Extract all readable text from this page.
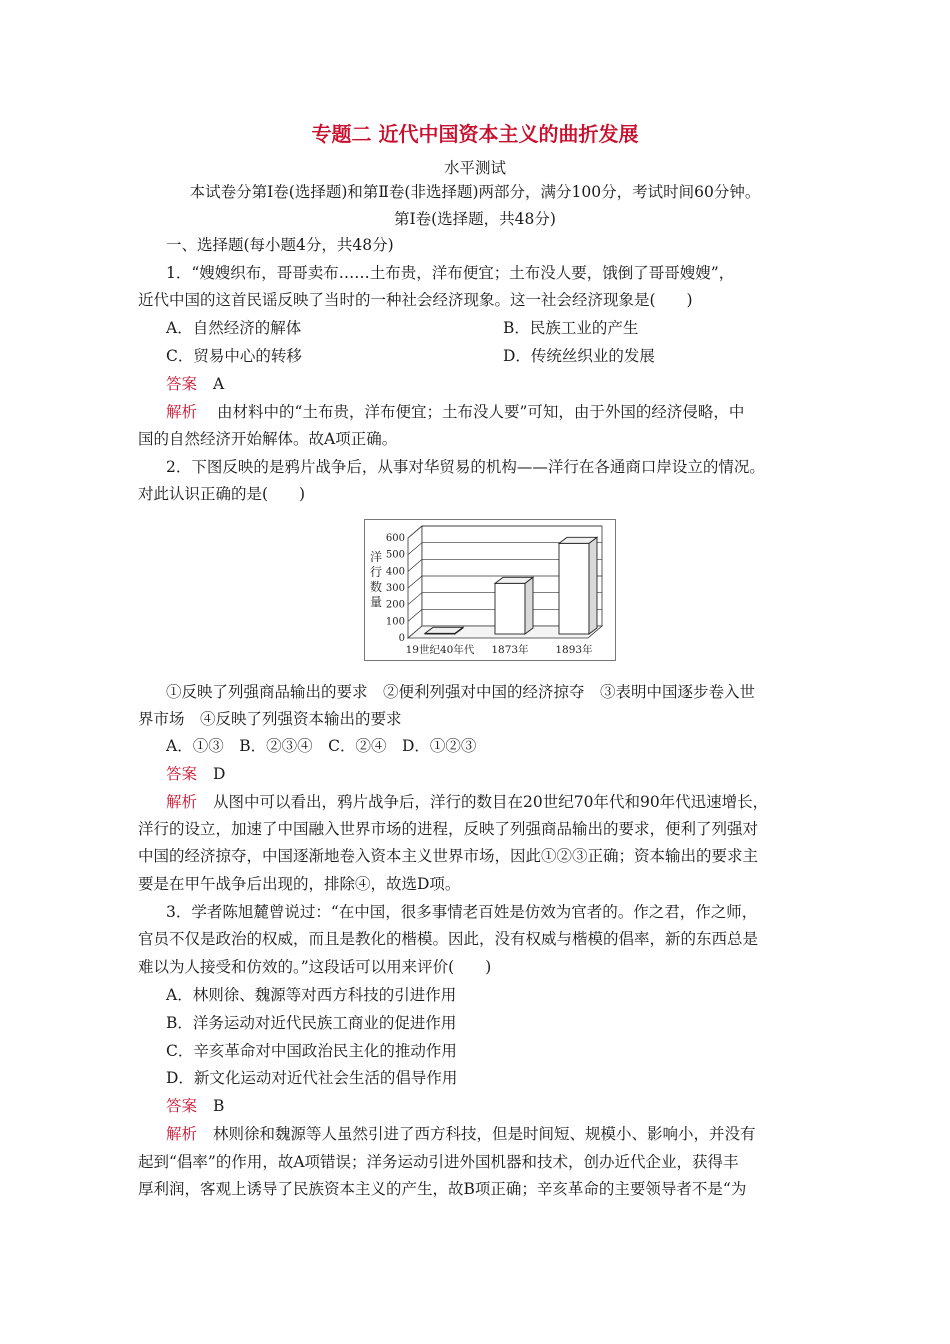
专题二 近代中国资本主义的曲折发展
水平测试
本试卷分第Ⅰ卷(选择题)和第Ⅱ卷(非选择题)两部分，满分100分，考试时间60分钟。
第Ⅰ卷(选择题，共48分)
一、选择题(每小题4分，共48分)
1．“嫂嫂织布，哥哥卖布……土布贵，洋布便宜；土布没人要，饿倒了哥哥嫂嫂”，
近代中国的这首民谣反映了当时的一种社会经济现象。这一社会经济现象是(　　)
A．自然经济的解体	B．民族工业的产生
C．贸易中心的转移	D．传统丝织业的发展
答案 A
解析 由材料中的“土布贵，洋布便宜；土布没人要”可知，由于外国的经济侵略，中
国的自然经济开始解体。故A项正确。
2．下图反映的是鸦片战争后，从事对华贸易的机构——洋行在各通商口岸设立的情况。
对此认识正确的是(　　)
0
100
200
300
400
500
600
洋
行
数
量
19世纪40年代 1873年	1893年
①反映了列强商品输出的要求　②便利列强对中国的经济掠夺　③表明中国逐步卷入世
界市场　④反映了列强资本输出的要求
A．①③　B．②③④　C．②④　D．①②③
答案 D
解析 从图中可以看出，鸦片战争后，洋行的数目在20世纪70年代和90年代迅速增长，
洋行的设立，加速了中国融入世界市场的进程，反映了列强商品输出的要求，便利了列强对
中国的经济掠夺，中国逐渐地卷入资本主义世界市场，因此①②③正确；资本输出的要求主
要是在甲午战争后出现的，排除④，故选D项。
3．学者陈旭麓曾说过：“在中国，很多事情老百姓是仿效为官者的。作之君，作之师，
官员不仅是政治的权威，而且是教化的楷模。因此，没有权威与楷模的倡率，新的东西总是
难以为人接受和仿效的。”这段话可以用来评价(　　)
A．林则徐、魏源等对西方科技的引进作用
B．洋务运动对近代民族工商业的促进作用
C．辛亥革命对中国政治民主化的推动作用
D．新文化运动对近代社会生活的倡导作用
答案 B
解析 林则徐和魏源等人虽然引进了西方科技，但是时间短、规模小、影响小，并没有
起到“倡率”的作用，故A项错误；洋务运动引进外国机器和技术，创办近代企业，获得丰
厚利润，客观上诱导了民族资本主义的产生，故B项正确；辛亥革命的主要领导者不是“为
